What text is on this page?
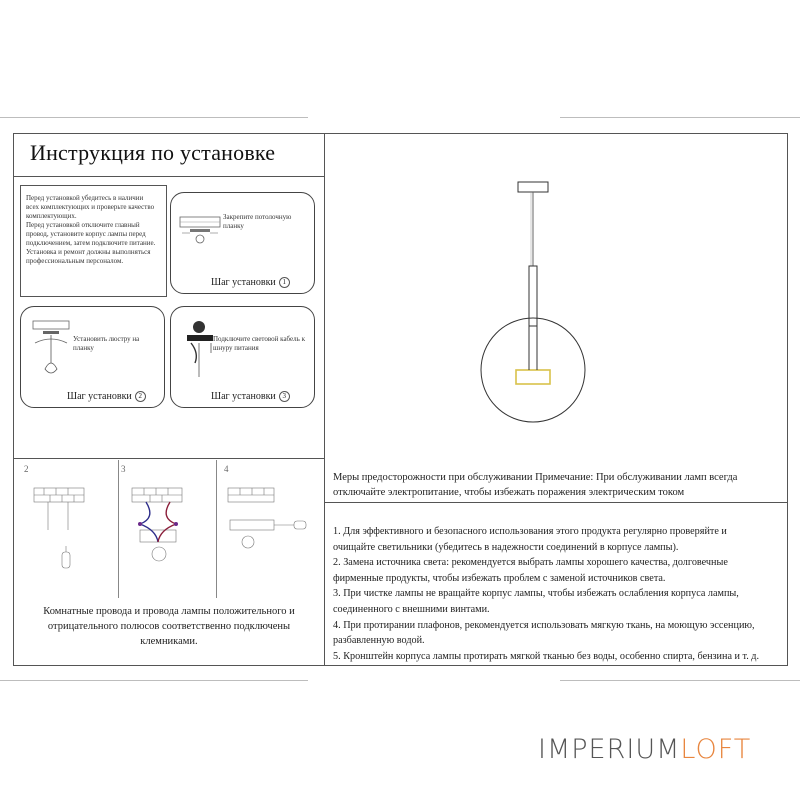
Инструкция по установке
Перед установкой убедитесь в наличии
всех комплектующих и проверьте качество
комплектующих.
Перед установкой отключите главный
провод, установите корпус лампы перед
подключением, затем подключите питание.
Установка и ремонт должны выполняться
профессиональным персоналом.
Закрепите потолочную планку
Шаг установки 1
Установить люстру на планку
Шаг установки 2
Подключите световой кабель к шнуру питания
Шаг установки 3
2	3	4
Комнатные провода и провода лампы положительного и
отрицательного полюсов соответственно подключены
клемниками.
Меры предосторожности при обслуживании Примечание: При обслуживании ламп всегда отключайте электропитание, чтобы избежать поражения электрическим током
1. Для эффективного и безопасного использования этого продукта регулярно проверяйте и
очищайте светильники (убедитесь в надежности соединений в корпусе лампы).
2. Замена источника света: рекомендуется выбрать лампы хорошего качества, долговечные
фирменные продукты, чтобы избежать проблем с заменой источников света.
3. При чистке лампы не вращайте корпус лампы, чтобы избежать ослабления корпуса лампы,
соединенного с внешними винтами.
4. При протирании плафонов, рекомендуется использовать мягкую ткань, на моющую эссенцию,
разбавленную водой.
5. Кронштейн корпуса лампы протирать мягкой тканью без воды, особенно спирта, бензина и т. д.
IMPERIUMLOFT
